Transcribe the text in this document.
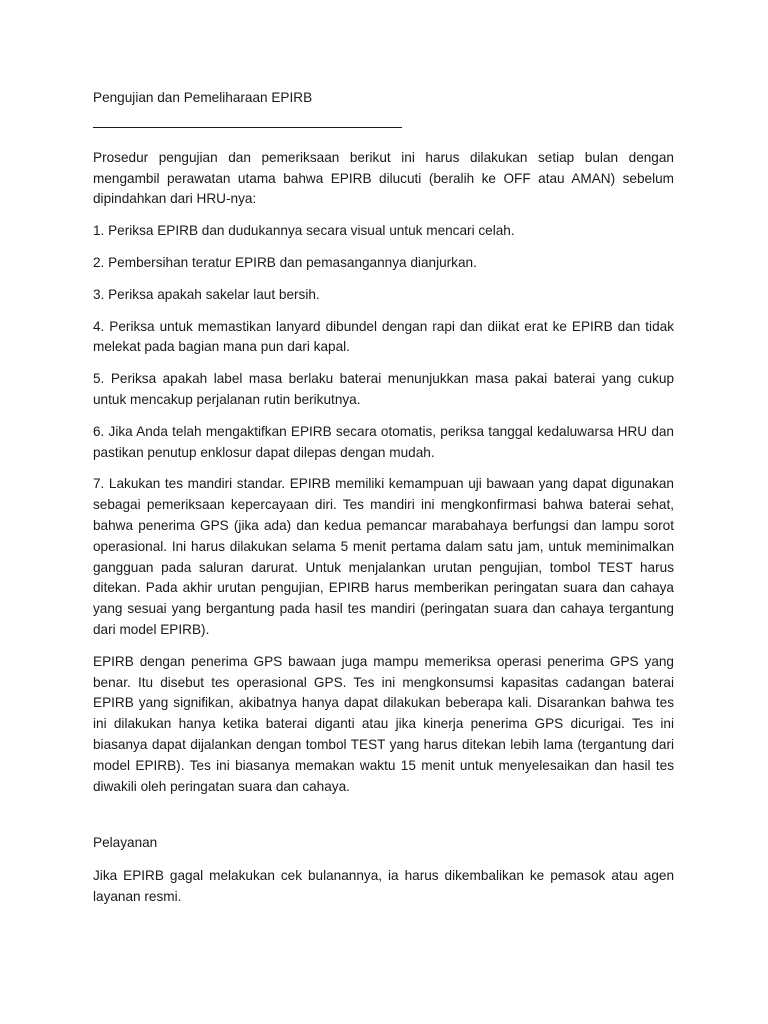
Pengujian dan Pemeliharaan EPIRB

Prosedur pengujian dan pemeriksaan berikut ini harus dilakukan setiap bulan dengan mengambil perawatan utama bahwa EPIRB dilucuti (beralih ke OFF atau AMAN) sebelum dipindahkan dari HRU-nya:

1. Periksa EPIRB dan dudukannya secara visual untuk mencari celah.

2. Pembersihan teratur EPIRB dan pemasangannya dianjurkan.

3. Periksa apakah sakelar laut bersih.

4. Periksa untuk memastikan lanyard dibundel dengan rapi dan diikat erat ke EPIRB dan tidak melekat pada bagian mana pun dari kapal.

5. Periksa apakah label masa berlaku baterai menunjukkan masa pakai baterai yang cukup untuk mencakup perjalanan rutin berikutnya.

6. Jika Anda telah mengaktifkan EPIRB secara otomatis, periksa tanggal kedaluwarsa HRU dan pastikan penutup enklosur dapat dilepas dengan mudah.

7. Lakukan tes mandiri standar. EPIRB memiliki kemampuan uji bawaan yang dapat digunakan sebagai pemeriksaan kepercayaan diri. Tes mandiri ini mengkonfirmasi bahwa baterai sehat, bahwa penerima GPS (jika ada) dan kedua pemancar marabahaya berfungsi dan lampu sorot operasional. Ini harus dilakukan selama 5 menit pertama dalam satu jam, untuk meminimalkan gangguan pada saluran darurat. Untuk menjalankan urutan pengujian, tombol TEST harus ditekan. Pada akhir urutan pengujian, EPIRB harus memberikan peringatan suara dan cahaya yang sesuai yang bergantung pada hasil tes mandiri (peringatan suara dan cahaya tergantung dari model EPIRB).

EPIRB dengan penerima GPS bawaan juga mampu memeriksa operasi penerima GPS yang benar. Itu disebut tes operasional GPS. Tes ini mengkonsumsi kapasitas cadangan baterai EPIRB yang signifikan, akibatnya hanya dapat dilakukan beberapa kali. Disarankan bahwa tes ini dilakukan hanya ketika baterai diganti atau jika kinerja penerima GPS dicurigai. Tes ini biasanya dapat dijalankan dengan tombol TEST yang harus ditekan lebih lama (tergantung dari model EPIRB). Tes ini biasanya memakan waktu 15 menit untuk menyelesaikan dan hasil tes diwakili oleh peringatan suara dan cahaya.

Pelayanan

Jika EPIRB gagal melakukan cek bulanannya, ia harus dikembalikan ke pemasok atau agen layanan resmi.
